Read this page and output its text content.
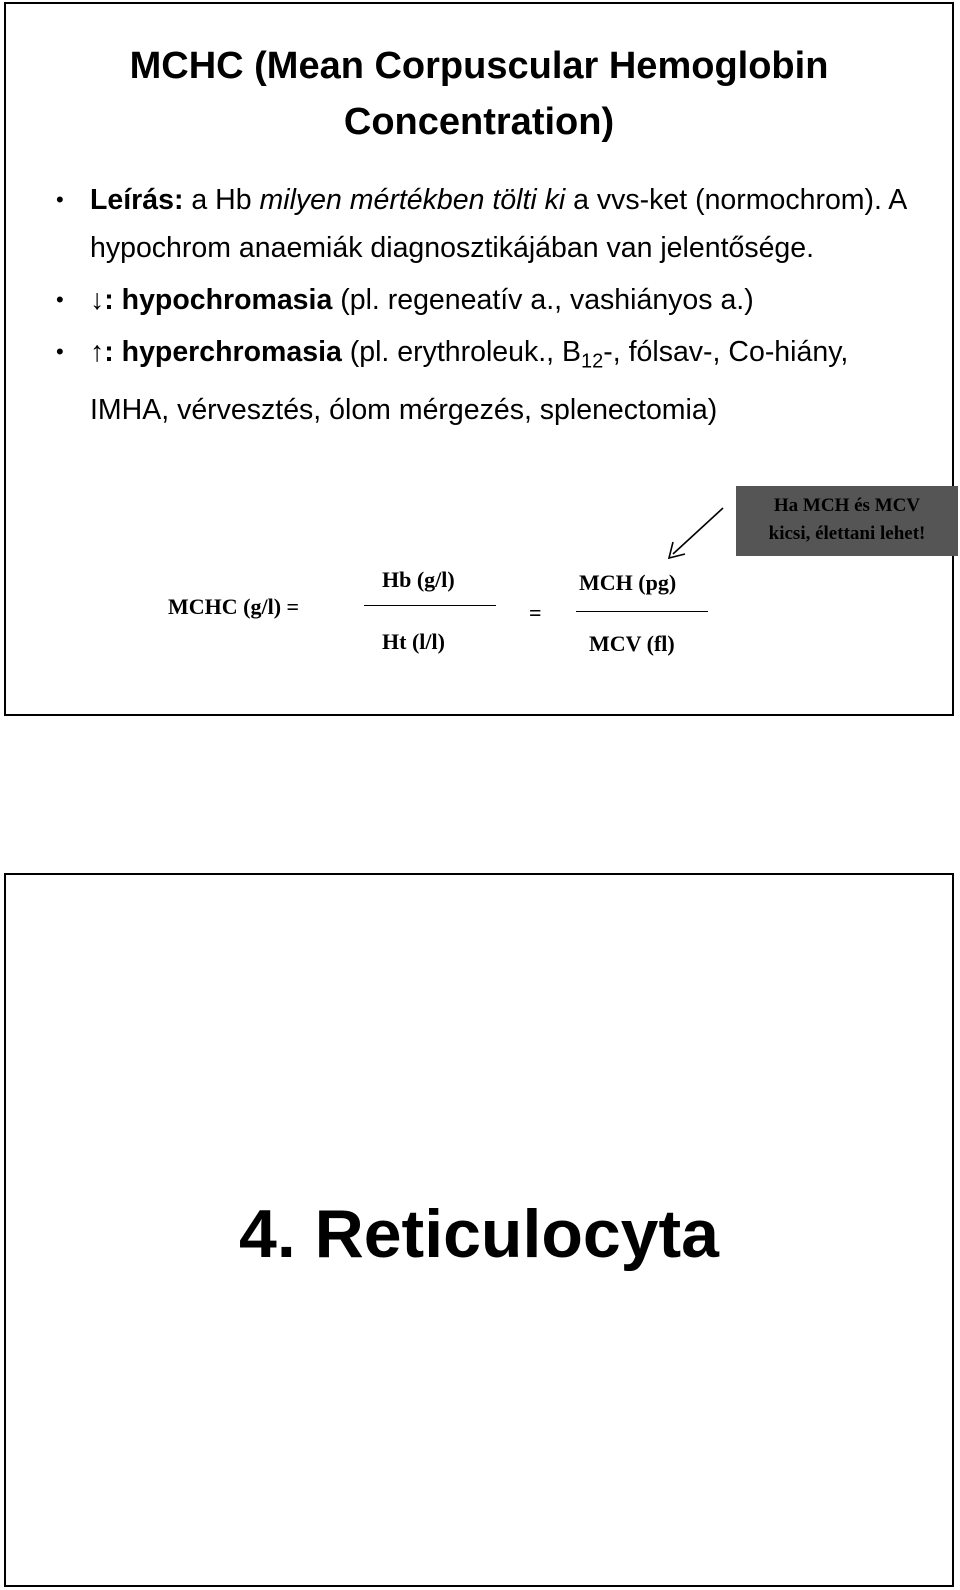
MCHC (Mean Corpuscular Hemoglobin
Concentration)
• Leírás: a Hb milyen mértékben tölti ki a vvs-ket (normochrom). A hypochrom anaemiák diagnosztikájában van jelentősége.
• ↓: hypochromasia (pl. regeneatív a., vashiányos a.)
• ↑: hyperchromasia (pl. erythroleuk., $B_{12}-$, fólsav-, Co-hiány, IMHA, vérvesztés, ólom mérgezés, splenectomia)
MCHC (g/l) =
Hb (g/l)
Ht (l/l)
=
MCH (pg)
MCV (fl)
Ha MCH és MCV
kicsi, élettani lehet!
4. Reticulocyta
